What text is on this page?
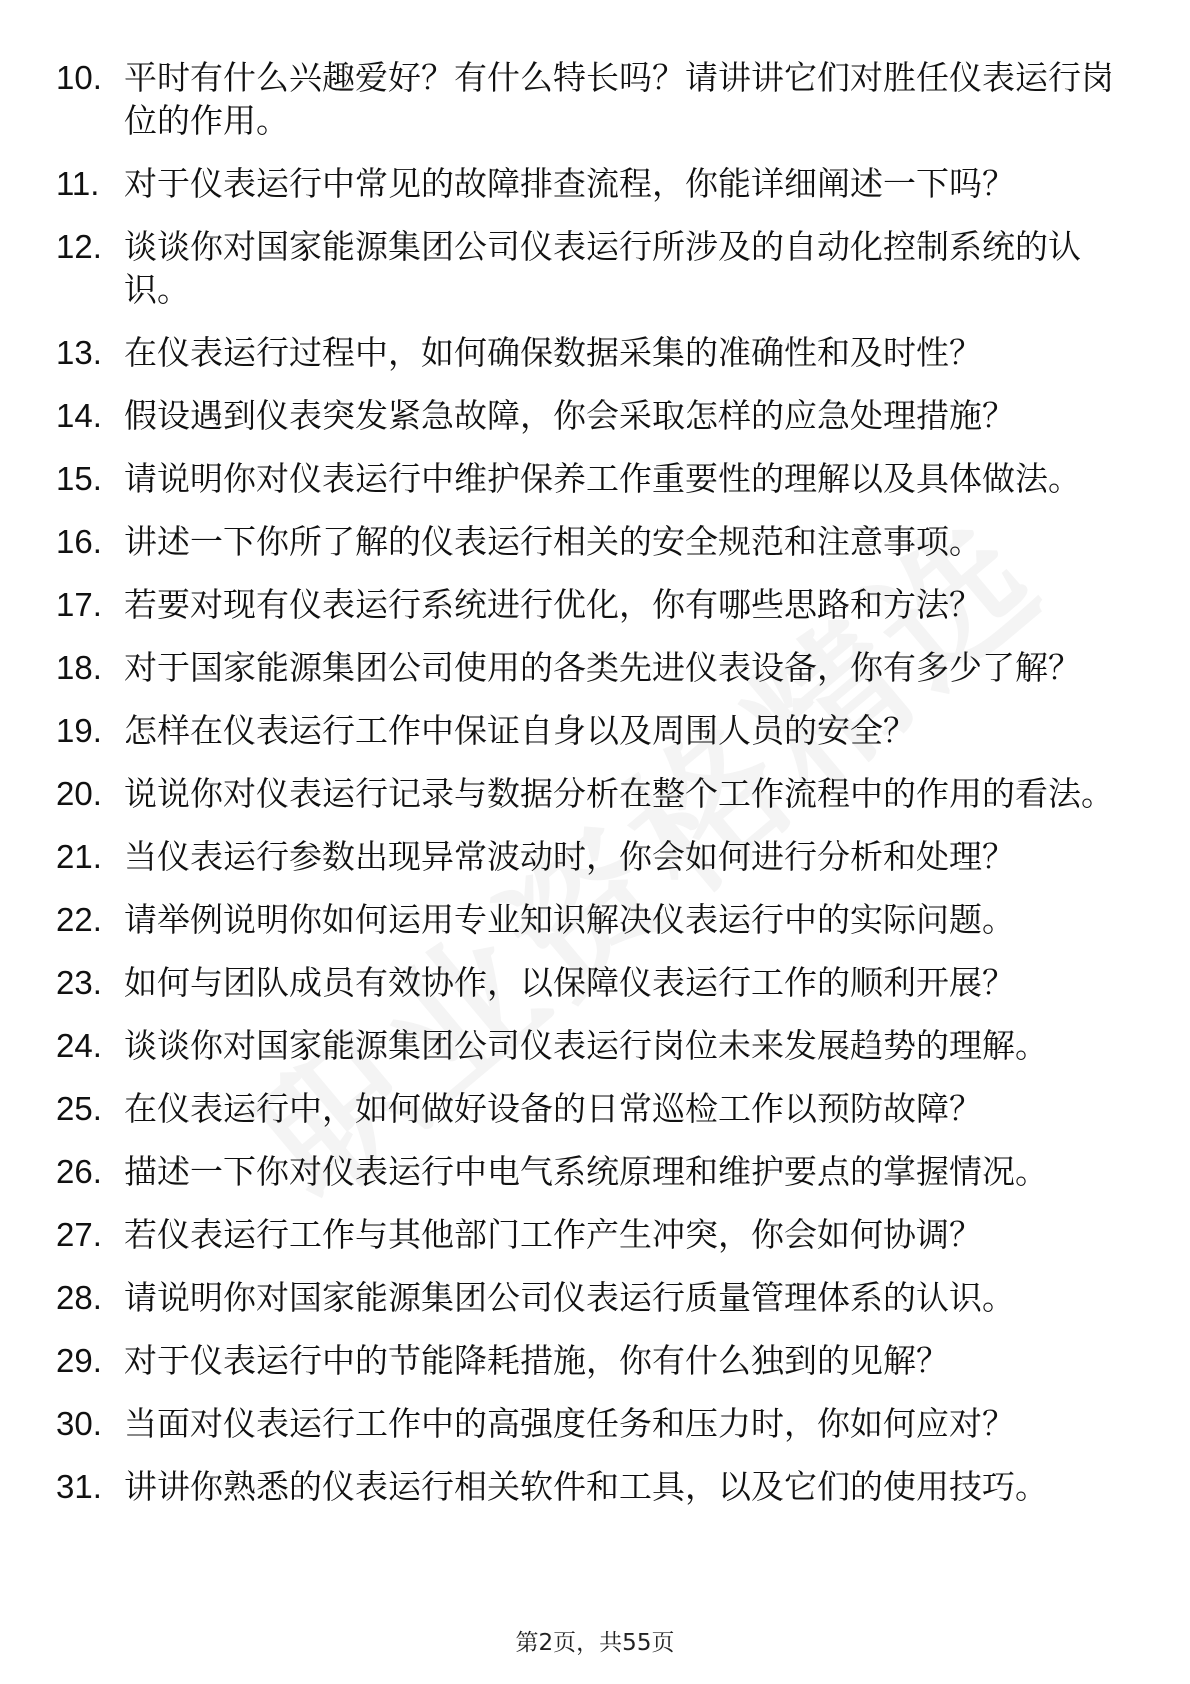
10. 平时有什么兴趣爱好？有什么特长吗？请讲讲它们对胜任仪表运行岗位的作用。
11. 对于仪表运行中常见的故障排查流程，你能详细阐述一下吗？
12. 谈谈你对国家能源集团公司仪表运行所涉及的自动化控制系统的认识。
13. 在仪表运行过程中，如何确保数据采集的准确性和及时性？
14. 假设遇到仪表突发紧急故障，你会采取怎样的应急处理措施？
15. 请说明你对仪表运行中维护保养工作重要性的理解以及具体做法。
16. 讲述一下你所了解的仪表运行相关的安全规范和注意事项。
17. 若要对现有仪表运行系统进行优化，你有哪些思路和方法？
18. 对于国家能源集团公司使用的各类先进仪表设备，你有多少了解？
19. 怎样在仪表运行工作中保证自身以及周围人员的安全？
20. 说说你对仪表运行记录与数据分析在整个工作流程中的作用的看法。
21. 当仪表运行参数出现异常波动时，你会如何进行分析和处理？
22. 请举例说明你如何运用专业知识解决仪表运行中的实际问题。
23. 如何与团队成员有效协作，以保障仪表运行工作的顺利开展？
24. 谈谈你对国家能源集团公司仪表运行岗位未来发展趋势的理解。
25. 在仪表运行中，如何做好设备的日常巡检工作以预防故障？
26. 描述一下你对仪表运行中电气系统原理和维护要点的掌握情况。
27. 若仪表运行工作与其他部门工作产生冲突，你会如何协调？
28. 请说明你对国家能源集团公司仪表运行质量管理体系的认识。
29. 对于仪表运行中的节能降耗措施，你有什么独到的见解？
30. 当面对仪表运行工作中的高强度任务和压力时，你如何应对？
31. 讲讲你熟悉的仪表运行相关软件和工具，以及它们的使用技巧。
第2页，共55页
